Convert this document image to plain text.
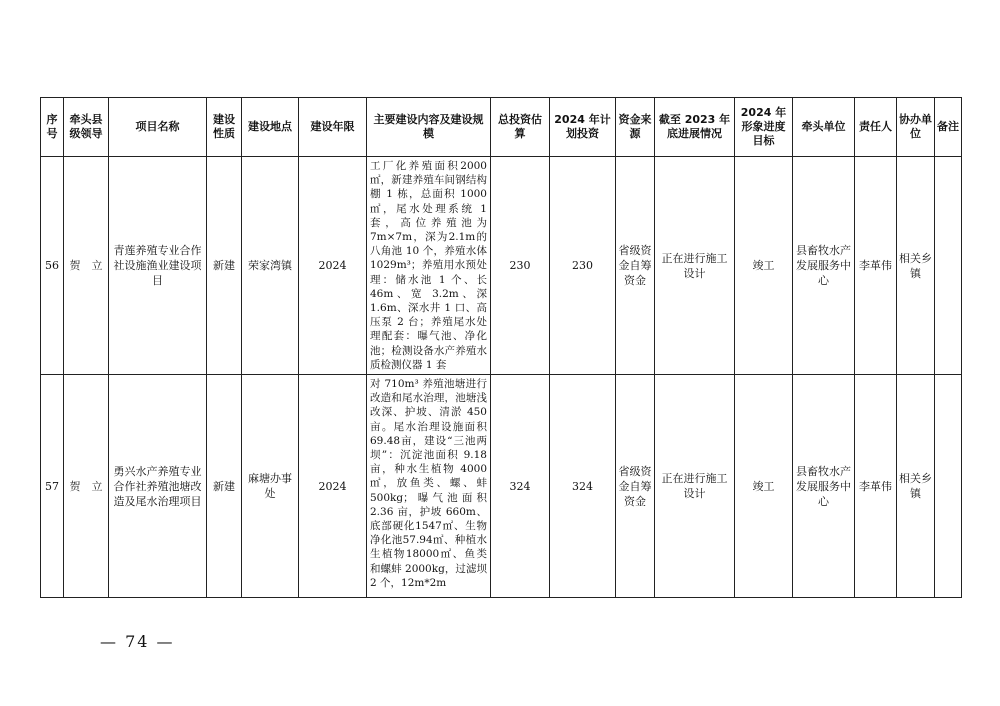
序号	牵头县级领导	项目名称	建设性质	建设地点	建设年限	主要建设内容及建设规模	总投资估算	2024 年计划投资	资金来源	截至 2023 年底进展情况	2024 年形象进度目标	牵头单位	责任人	协办单位	备注
56	贺　立	青莲养殖专业合作社设施渔业建设项目	新建	荣家湾镇	2024	工厂化养殖面积2000㎡，新建养殖车间钢结构棚 1 栋，总面积 1000㎡，尾水处理系统 1 套，高位养殖池为 7m×7m，深为2.1m的八角池 10 个，养殖水体 1029m³；养殖用水预处理：储水池 1 个、长 46m、宽 3.2m、深 1.6m、深水井 1 口、高压泵 2 台；养殖尾水处理配套：曝气池、净化池；检测设备水产养殖水质检测仪器 1 套	230	230	省级资金自筹资金	正在进行施工设计	竣工	县畜牧水产发展服务中心	李革伟	相关乡镇	
57	贺　立	勇兴水产养殖专业合作社养殖池塘改造及尾水治理项目	新建	麻塘办事处	2024	对 710m³ 养殖池塘进行改造和尾水治理，池塘浅改深、护坡、清淤 450 亩。尾水治理设施面积69.48亩，建设“三池两坝”：沉淀池面积 9.18 亩，种水生植物 4000㎡，放鱼类、螺、蚌500kg；曝气池面积 2.36 亩，护坡 660m、底部硬化1547㎡、生物净化池57.94㎡、种植水生植物18000㎡、鱼类和螺蚌 2000kg，过滤坝 2 个，12m*2m	324	324	省级资金自筹资金	正在进行施工设计	竣工	县畜牧水产发展服务中心	李革伟	相关乡镇	
— 74 —
